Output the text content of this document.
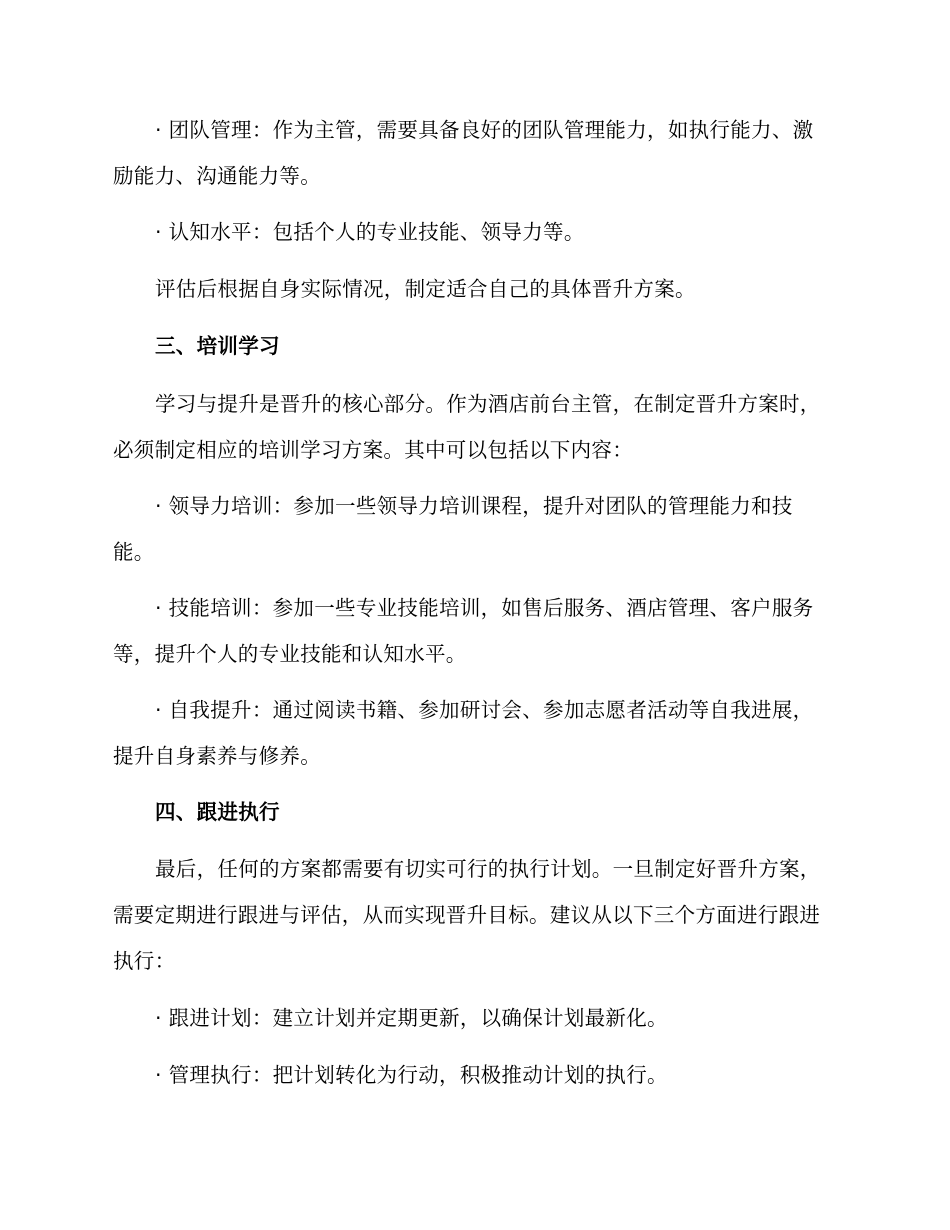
· 团队管理：作为主管，需要具备良好的团队管理能力，如执行能力、激励能力、沟通能力等。

· 认知水平：包括个人的专业技能、领导力等。

评估后根据自身实际情况，制定适合自己的具体晋升方案。

三、培训学习

学习与提升是晋升的核心部分。作为酒店前台主管，在制定晋升方案时，必须制定相应的培训学习方案。其中可以包括以下内容：

· 领导力培训：参加一些领导力培训课程，提升对团队的管理能力和技能。

· 技能培训：参加一些专业技能培训，如售后服务、酒店管理、客户服务等，提升个人的专业技能和认知水平。

· 自我提升：通过阅读书籍、参加研讨会、参加志愿者活动等自我进展，提升自身素养与修养。

四、跟进执行

最后，任何的方案都需要有切实可行的执行计划。一旦制定好晋升方案，需要定期进行跟进与评估，从而实现晋升目标。建议从以下三个方面进行跟进执行：

· 跟进计划：建立计划并定期更新，以确保计划最新化。

· 管理执行：把计划转化为行动，积极推动计划的执行。
